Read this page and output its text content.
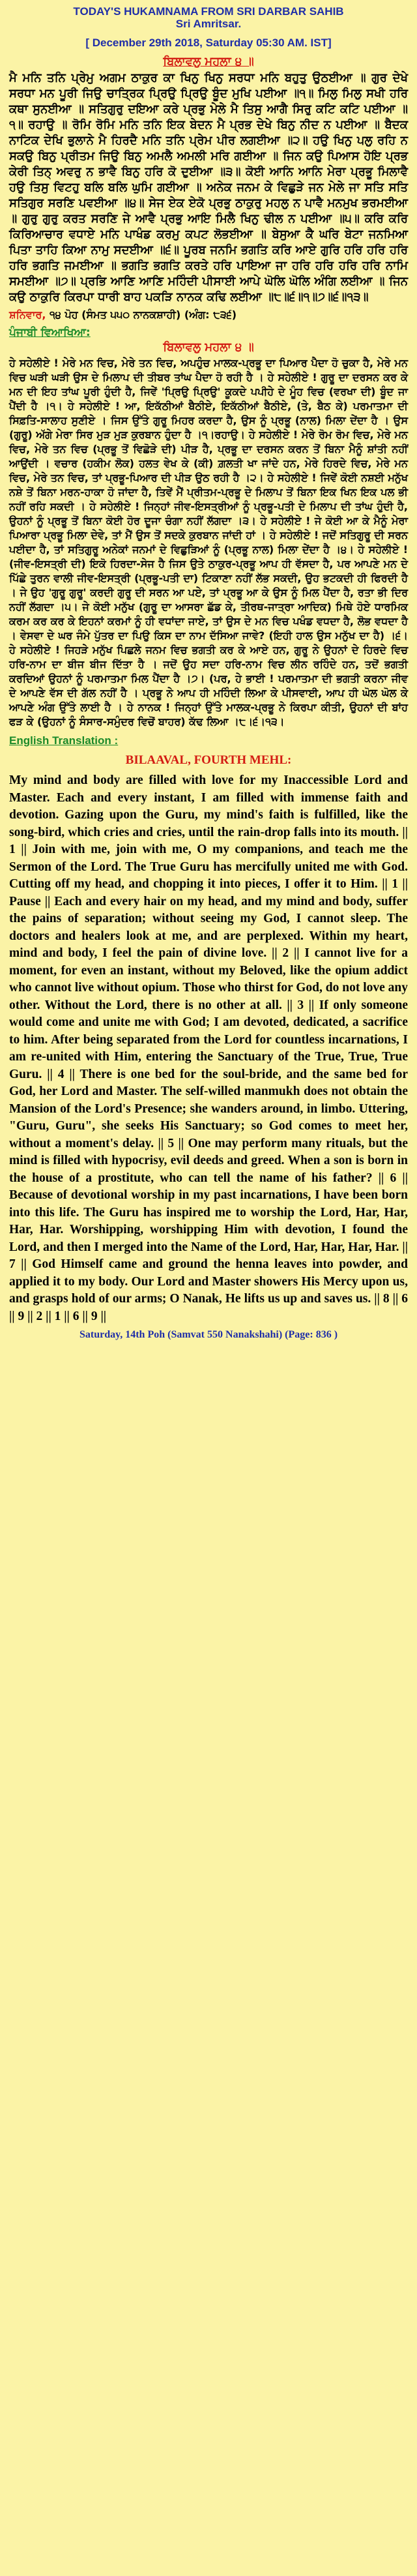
TODAY'S HUKAMNAMA FROM SRI DARBAR SAHIB
Sri Amritsar.
[ December 29th 2018, Saturday 05:30 AM. IST]
ਬਿਲਾਵਲੁ ਮਹਲਾ ੪ ॥

ਮੈ ਮਨਿ ਤਨਿ ਪ੍ਰੇਮੁ ਅਗਮ ਠਾਕੁਰ ਕਾ ਖਿਨੁ ਖਿਨੁ ਸਰਧਾ ਮਨਿ ਬਹੁਤੁ ਉਠਈਆ ॥ ਗੁਰ ਦੇਖੇ ਸਰਧਾ ਮਨ ਪੂਰੀ ਜਿਉ ਚਾਤ੍ਰਿਕ ਪ੍ਰਿਉ ਪ੍ਰਿਉ ਬੂੰਦ ਮੁਖਿ ਪਈਆ ॥੧॥ ਮਿਲੁ ਮਿਲੁ ਸਖੀ ਹਰਿ ਕਥਾ ਸੁਨਈਆ ॥ ਸਤਿਗੁਰੁ ਦਇਆ ਕਰੇ ਪ੍ਰਭੁ ਮੇਲੇ ਮੈ ਤਿਸੁ ਆਗੈ ਸਿਰੁ ਕਟਿ ਕਟਿ ਪਈਆ ॥੧॥ ਰਹਾਉ ॥ ਰੋਮਿ ਰੋਮਿ ਮਨਿ ਤਨਿ ਇਕ ਬੇਦਨ ਮੈ ਪ੍ਰਭ ਦੇਖੇ ਬਿਨੁ ਨੀਦ ਨ ਪਈਆ ॥ ਬੈਦਕ ਨਾਟਿਕ ਦੇਖਿ ਭੁਲਾਨੇ ਮੈ ਹਿਰਦੈ ਮਨਿ ਤਨਿ ਪ੍ਰੇਮ ਪੀਰ ਲਗਈਆ ॥੨॥ ਹਉ ਖਿਨੁ ਪਲੁ ਰਹਿ ਨ ਸਕਉ ਬਿਨੁ ਪ੍ਰੀਤਮ ਜਿਉ ਬਿਨੁ ਅਮਲੈ ਅਮਲੀ ਮਰਿ ਗਈਆ ॥ ਜਿਨ ਕਉ ਪਿਆਸ ਹੋਇ ਪ੍ਰਭ ਕੇਰੀ ਤਿਨ੍ ਅਵਰੁ ਨ ਭਾਵੈ ਬਿਨੁ ਹਰਿ ਕੋ ਦੁਈਆ ॥੩॥ ਕੋਈ ਆਨਿ ਆਨਿ ਮੇਰਾ ਪ੍ਰਭੂ ਮਿਲਾਵੈ ਹਉ ਤਿਸੁ ਵਿਟਹੁ ਬਲਿ ਬਲਿ ਘੁਮਿ ਗਈਆ ॥ ਅਨੇਕ ਜਨਮ ਕੇ ਵਿਛੁੜੇ ਜਨ ਮੇਲੇ ਜਾ ਸਤਿ ਸਤਿ ਸਤਿਗੁਰ ਸਰਣਿ ਪਵਈਆ ॥੪॥ ਸੇਜ ਏਕ ਏਕੋ ਪ੍ਰਭੁ ਠਾਕੁਰੁ ਮਹਲੁ ਨ ਪਾਵੈ ਮਨਮੁਖ ਭਰਮਈਆ ॥ ਗੁਰੁ ਗੁਰੁ ਕਰਤ ਸਰਣਿ ਜੇ ਆਵੈ ਪ੍ਰਭੁ ਆਇ ਮਿਲੈ ਖਿਨੁ ਢੀਲ ਨ ਪਈਆ ॥੫॥ ਕਰਿ ਕਰਿ ਕਿਰਿਆਚਾਰ ਵਧਾਏ ਮਨਿ ਪਾਖੰਡ ਕਰਮੁ ਕਪਟ ਲੋਭਈਆ ॥ ਬੇਸੁਆ ਕੈ ਘਰਿ ਬੇਟਾ ਜਨਮਿਆ ਪਿਤਾ ਤਾਹਿ ਕਿਆ ਨਾਮੁ ਸਦਈਆ ॥੬॥ ਪੂਰਬ ਜਨਮਿ ਭਗਤਿ ਕਰਿ ਆਏ ਗੁਰਿ ਹਰਿ ਹਰਿ ਹਰਿ ਹਰਿ ਭਗਤਿ ਜਮਈਆ ॥ ਭਗਤਿ ਭਗਤਿ ਕਰਤੇ ਹਰਿ ਪਾਇਆ ਜਾ ਹਰਿ ਹਰਿ ਹਰਿ ਹਰਿ ਨਾਮਿ ਸਮਈਆ ॥੭॥ ਪ੍ਰਭਿ ਆਣਿ ਆਣਿ ਮਹਿੰਦੀ ਪੀਸਾਈ ਆਪੇ ਘੋਲਿ ਘੋਲਿ ਅੰਗਿ ਲਈਆ ॥ ਜਿਨ ਕਉ ਠਾਕੁਰਿ ਕਿਰਪਾ ਧਾਰੀ ਬਾਹ ਪਕੜਿ ਨਾਨਕ ਕਢਿ ਲਈਆ ॥੮॥੬॥੧॥੭॥੬॥੧੩॥

ਸ਼ਨਿਵਾਰ, ੧੪ ਪੋਹ (ਸੰਮਤ ੫੫੦ ਨਾਨਕਸ਼ਾਹੀ) (ਅੰਗ: ੮੩੬)
ਪੰਜਾਬੀ ਵਿਆਖਿਆ:
ਬਿਲਾਵਲੁ ਮਹਲਾ ੪ ॥

ਹੇ ਸਹੇਲੀਏ ! ਮੇਰੇ ਮਨ ਵਿਚ, ਮੇਰੇ ਤਨ ਵਿਚ, ਅਪਹੁੰਚ ਮਾਲਕ-ਪ੍ਰਭੂ ਦਾ ਪਿਆਰ ਪੈਦਾ ਹੋ ਚੁਕਾ ਹੈ, ਮੇਰੇ ਮਨ ਵਿਚ ਘੜੀ ਘੜੀ ਉਸ ਦੇ ਮਿਲਾਪ ਦੀ ਤੀਬਰ ਤਾਂਘ ਪੈਦਾ ਹੋ ਰਹੀ ਹੈ । ਹੇ ਸਹੇਲੀਏ ! ਗੁਰੂ ਦਾ ਦਰਸਨ ਕਰ ਕੇ ਮਨ ਦੀ ਇਹ ਤਾਂਘ ਪੂਰੀ ਹੁੰਦੀ ਹੈ, ਜਿਵੇਂ 'ਪ੍ਰਿਉ ਪ੍ਰਿਉ' ਕੂਕਦੇ ਪਪੀਹੇ ਦੇ ਮੂੰਹ ਵਿਚ (ਵਰਖਾ ਦੀ) ਬੂੰਦ ਜਾ ਪੈਂਦੀ ਹੈ ।੧। ਹੇ ਸਹੇਲੀਏ ! ਆ, ਇਕੱਠੀਆਂ ਬੈਠੀਏ, ਇਕੱਠੀਆਂ ਬੈਠੀਏ, (ਤੇ, ਬੈਠ ਕੇ) ਪਰਮਾਤਮਾ ਦੀ ਸਿਫ਼ਤਿ-ਸਾਲਾਹ ਸੁਣੀਏ । ਜਿਸ ਉੱਤੇ ਗੁਰੂ ਮਿਹਰ ਕਰਦਾ ਹੈ, ਉਸ ਨੂੰ ਪ੍ਰਭੂ (ਨਾਲ) ਮਿਲਾ ਦੇਂਦਾ ਹੈ । ਉਸ (ਗੁਰੂ) ਅੱਗੇ ਮੇਰਾ ਸਿਰ ਮੁੜ ਮੁੜ ਕੁਰਬਾਨ ਹੁੰਦਾ ਹੈ ।੧।ਰਹਾਉ। ਹੇ ਸਹੇਲੀਏ ! ਮੇਰੇ ਰੋਮ ਰੋਮ ਵਿਚ, ਮੇਰੇ ਮਨ ਵਿਚ, ਮੇਰੇ ਤਨ ਵਿਚ (ਪ੍ਰਭੂ ਤੋਂ ਵਿਛੋੜੇ ਦੀ) ਪੀੜ ਹੈ, ਪ੍ਰਭੂ ਦਾ ਦਰਸਨ ਕਰਨ ਤੋਂ ਬਿਨਾ ਮੈਨੂੰ ਸ਼ਾਂਤੀ ਨਹੀਂ ਆਉਂਦੀ । ਵਚਾਰ (ਹਕੀਮ ਲੋਕ) ਹਲਤ ਵੇਖ ਕੇ (ਕੀ) ਗ਼ਲਤੀ ਖਾ ਜਾਂਦੇ ਹਨ, ਮੇਰੇ ਹਿਰਦੇ ਵਿਚ, ਮੇਰੇ ਮਨ ਵਿਚ, ਮੇਰੇ ਤਨ ਵਿਚ, ਤਾਂ ਪ੍ਰਭੂ-ਪਿਆਰ ਦੀ ਪੀੜ ਉਠ ਰਹੀ ਹੈ ।੨। ਹੇ ਸਹੇਲੀਏ ! ਜਿਵੇਂ ਕੋਈ ਨਸ਼ਈ ਮਨੁੱਖ ਨਸ਼ੇ ਤੋਂ ਬਿਨਾ ਮਰਨ-ਹਾਕਾ ਹੋ ਜਾਂਦਾ ਹੈ, ਤਿਵੇਂ ਮੈਂ ਪ੍ਰੀਤਮ-ਪ੍ਰਭੂ ਦੇ ਮਿਲਾਪ ਤੋਂ ਬਿਨਾ ਇਕ ਖਿਨ ਇਕ ਪਲ ਭੀ ਨਹੀਂ ਰਹਿ ਸਕਦੀ । ਹੇ ਸਹੇਲੀਏ ! ਜਿਨ੍ਹਾਂ ਜੀਵ-ਇਸਤ੍ਰੀਆਂ ਨੂੰ ਪ੍ਰਭੂ-ਪਤੀ ਦੇ ਮਿਲਾਪ ਦੀ ਤਾਂਘ ਹੁੰਦੀ ਹੈ, ਉਹਨਾਂ ਨੂੰ ਪ੍ਰਭੂ ਤੋਂ ਬਿਨਾ ਕੋਈ ਹੋਰ ਦੂਜਾ ਚੰਗਾ ਨਹੀਂ ਲੱਗਦਾ ।੩। ਹੇ ਸਹੇਲੀਏ ! ਜੇ ਕੋਈ ਆ ਕੇ ਮੈਨੂੰ ਮੇਰਾ ਪਿਆਰਾ ਪ੍ਰਭੂ ਮਿਲਾ ਦੇਵੇ, ਤਾਂ ਮੈਂ ਉਸ ਤੋਂ ਸਦਕੇ ਕੁਰਬਾਨ ਜਾਂਦੀ ਹਾਂ । ਹੇ ਸਹੇਲੀਏ ! ਜਦੋਂ ਸਤਿਗੁਰੂ ਦੀ ਸਰਨ ਪਈਦਾ ਹੈ, ਤਾਂ ਸਤਿਗੁਰੂ ਅਨੇਕਾਂ ਜਨਮਾਂ ਦੇ ਵਿਛੁੜਿਆਂ ਨੂੰ (ਪ੍ਰਭੂ ਨਾਲ) ਮਿਲਾ ਦੇਂਦਾ ਹੈ ।੪। ਹੇ ਸਹੇਲੀਏ ! (ਜੀਵ-ਇਸਤ੍ਰੀ ਦੀ) ਇਕੋ ਹਿਰਦਾ-ਸੇਜ ਹੈ ਜਿਸ ਉਤੇ ਠਾਕੁਰ-ਪ੍ਰਭੂ ਆਪ ਹੀ ਵੱਸਦਾ ਹੈ, ਪਰ ਆਪਣੇ ਮਨ ਦੇ ਪਿੱਛੇ ਤੁਰਨ ਵਾਲੀ ਜੀਵ-ਇਸਤ੍ਰੀ (ਪ੍ਰਭੂ-ਪਤੀ ਦਾ) ਟਿਕਾਣਾ ਨਹੀਂ ਲੱਭ ਸਕਦੀ, ਉਹ ਭਟਕਦੀ ਹੀ ਫਿਰਦੀ ਹੈ । ਜੇ ਉਹ 'ਗੁਰੂ ਗੁਰੂ' ਕਰਦੀ ਗੁਰੂ ਦੀ ਸਰਨ ਆ ਪਏ, ਤਾਂ ਪ੍ਰਭੂ ਆ ਕੇ ਉਸ ਨੂੰ ਮਿਲ ਪੈਂਦਾ ਹੈ, ਰਤਾ ਭੀ ਦਿਰ ਨਹੀਂ ਲੱਗਦਾ ।੫। ਜੇ ਕੋਈ ਮਨੁੱਖ (ਗੁਰੂ ਦਾ ਆਸਰਾ ਛੱਡ ਕੇ, ਤੀਰਥ-ਜਾਤ੍ਰਾ ਆਦਿਕ) ਮਿਥੇ ਹੋਏ ਧਾਰਮਿਕ ਕਰਮ ਕਰ ਕਰ ਕੇ ਇਹਨਾਂ ਕਰਮਾਂ ਨੂੰ ਹੀ ਵਧਾਂਦਾ ਜਾਏ, ਤਾਂ ਉਸ ਦੇ ਮਨ ਵਿਚ ਪਖੰਡ ਵਧਦਾ ਹੈ, ਲੋਭ ਵਧਦਾ ਹੈ । ਵੇਸਵਾ ਦੇ ਘਰ ਜੰਮੇ ਪੁੱਤਰ ਦਾ ਪਿਉ ਕਿਸ ਦਾ ਨਾਮ ਦੱਸਿਆ ਜਾਵੇ? (ਇਹੀ ਹਾਲ ਉਸ ਮਨੁੱਖ ਦਾ ਹੈ) ।੬। ਹੇ ਸਹੇਲੀਏ ! ਜਿਹੜੇ ਮਨੁੱਖ ਪਿਛਲੇ ਜਨਮ ਵਿਚ ਭਗਤੀ ਕਰ ਕੇ ਆਏ ਹਨ, ਗੁਰੂ ਨੇ ਉਹਨਾਂ ਦੇ ਹਿਰਦੇ ਵਿਚ ਹਰਿ-ਨਾਮ ਦਾ ਬੀਜ ਬੀਜ ਦਿੱਤਾ ਹੈ । ਜਦੋਂ ਉਹ ਸਦਾ ਹਰਿ-ਨਾਮ ਵਿਚ ਲੀਨ ਰਹਿੰਦੇ ਹਨ, ਤਦੋਂ ਭਗਤੀ ਕਰਦਿਆਂ ਉਹਨਾਂ ਨੂੰ ਪਰਮਾਤਮਾ ਮਿਲ ਪੈਂਦਾ ਹੈ ।੭। (ਪਰ, ਹੇ ਭਾਈ ! ਪਰਮਾਤਮਾ ਦੀ ਭਗਤੀ ਕਰਨਾ ਜੀਵ ਦੇ ਆਪਣੇ ਵੱਸ ਦੀ ਗੱਲ ਨਹੀਂ ਹੈ । ਪ੍ਰਭੂ ਨੇ ਆਪ ਹੀ ਮਹਿੰਦੀ ਲਿਆ ਕੇ ਪੀਸਵਾਈ, ਆਪ ਹੀ ਘੋਲ ਘੋਲ ਕੇ ਆਪਣੇ ਅੰਗ ਉੱਤੇ ਲਾਈ ਹੈ । ਹੇ ਨਾਨਕ ! ਜਿਨ੍ਹਾਂ ਉੱਤੇ ਮਾਲਕ-ਪ੍ਰਭੂ ਨੇ ਕਿਰਪਾ ਕੀਤੀ, ਉਹਨਾਂ ਦੀ ਬਾਂਹ ਫੜ ਕੇ (ਉਹਨਾਂ ਨੂੰ ਸੰਸਾਰ-ਸਮੁੰਦਰ ਵਿਚੋਂ ਬਾਹਰ) ਕੱਢ ਲਿਆ ।੮।੬।੧੩।

English Translation :
BILAAVAL, FOURTH MEHL:

My mind and body are filled with love for my Inaccessible Lord and Master. Each and every instant, I am filled with immense faith and devotion. Gazing upon the Guru, my mind's faith is fulfilled, like the song-bird, which cries and cries, until the rain-drop falls into its mouth. || 1 || Join with me, join with me, O my companions, and teach me the Sermon of the Lord. The True Guru has mercifully united me with God. Cutting off my head, and chopping it into pieces, I offer it to Him. || 1 || Pause || Each and every hair on my head, and my mind and body, suffer the pains of separation; without seeing my God, I cannot sleep. The doctors and healers look at me, and are perplexed. Within my heart, mind and body, I feel the pain of divine love. || 2 || I cannot live for a moment, for even an instant, without my Beloved, like the opium addict who cannot live without opium. Those who thirst for God, do not love any other. Without the Lord, there is no other at all. || 3 || If only someone would come and unite me with God; I am devoted, dedicated, a sacrifice to him. After being separated from the Lord for countless incarnations, I am re-united with Him, entering the Sanctuary of the True, True, True Guru. || 4 || There is one bed for the soul-bride, and the same bed for God, her Lord and Master. The self-willed manmukh does not obtain the Mansion of the Lord's Presence; she wanders around, in limbo. Uttering, "Guru, Guru", she seeks His Sanctuary; so God comes to meet her, without a moment's delay. || 5 || One may perform many rituals, but the mind is filled with hypocrisy, evil deeds and greed. When a son is born in the house of a prostitute, who can tell the name of his father? || 6 || Because of devotional worship in my past incarnations, I have been born into this life. The Guru has inspired me to worship the Lord, Har, Har, Har, Har. Worshipping, worshipping Him with devotion, I found the Lord, and then I merged into the Name of the Lord, Har, Har, Har, Har. || 7 || God Himself came and ground the henna leaves into powder, and applied it to my body. Our Lord and Master showers His Mercy upon us, and grasps hold of our arms; O Nanak, He lifts us up and saves us. || 8 || 6 || 9 || 2 || 1 || 6 || 9 ||

Saturday, 14th Poh (Samvat 550 Nanakshahi) (Page: 836 )
